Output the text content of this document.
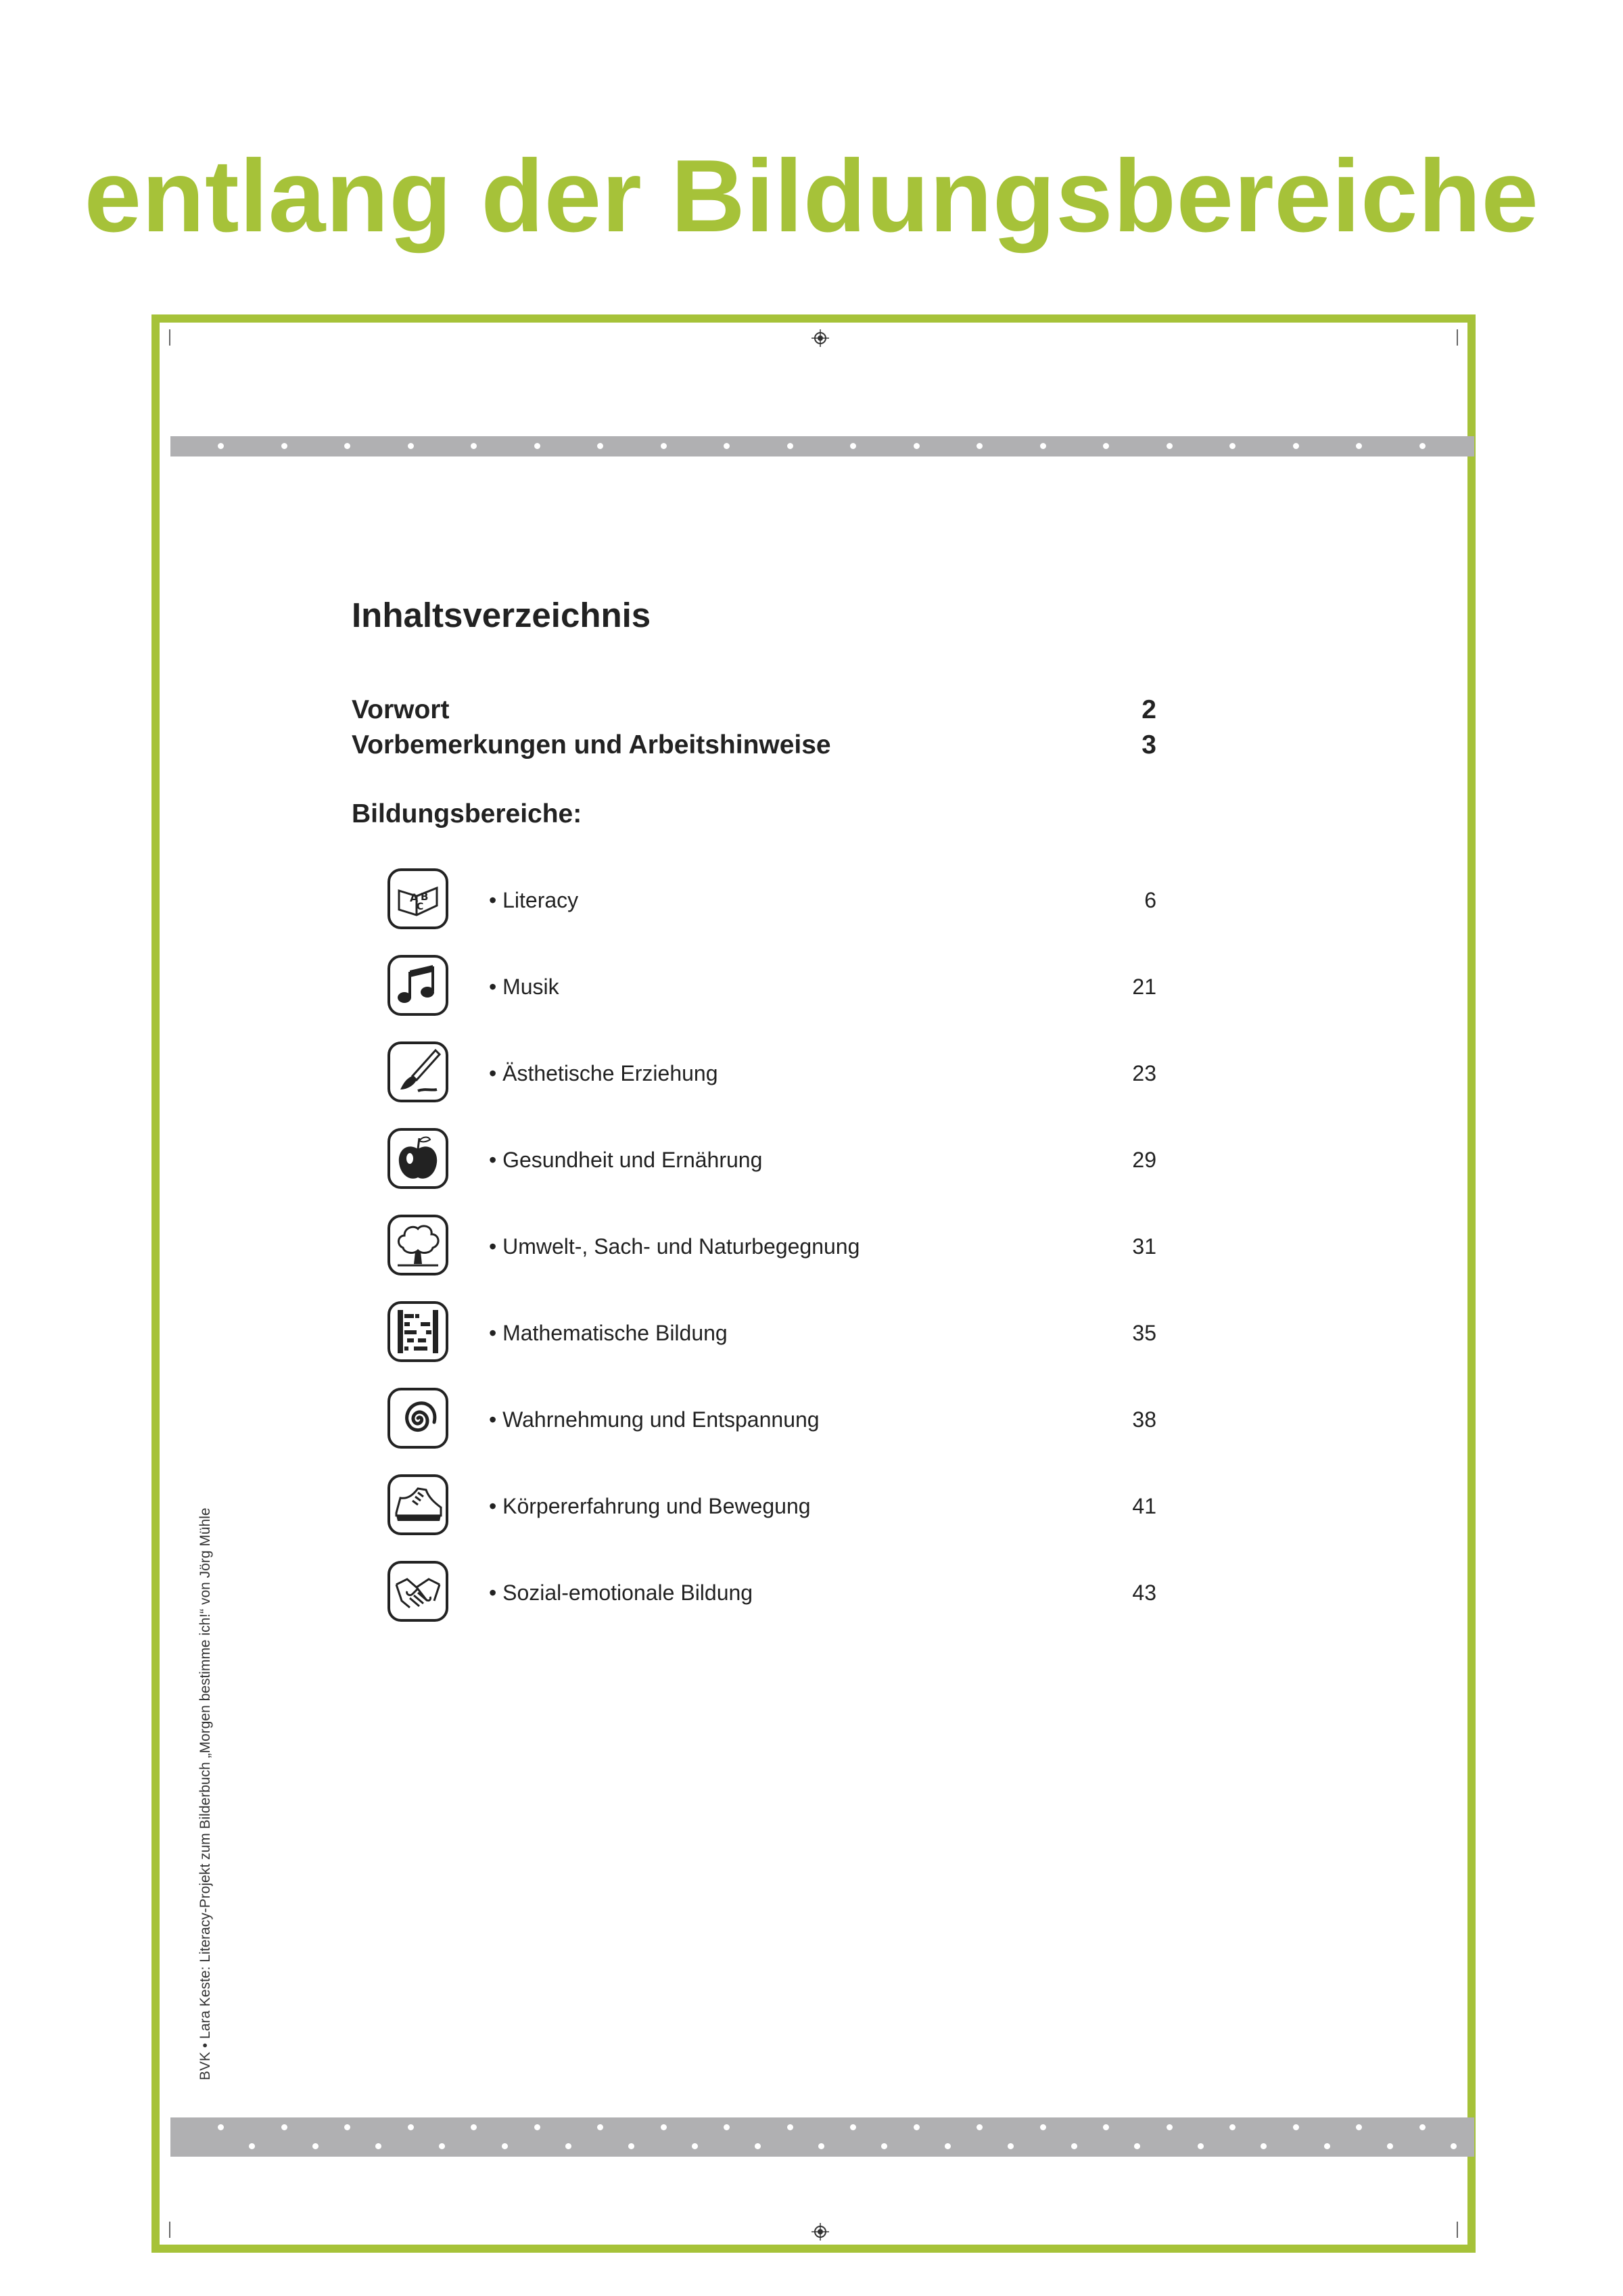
entlang der Bildungsbereiche
BVK • Lara Keste: Literacy-Projekt zum Bilderbuch „Morgen bestimme ich!“ von Jörg Mühle
Inhaltsverzeichnis
Vorwort	2
Vorbemerkungen und Arbeitshinweise	3
Bildungsbereiche:
A B
C	• Literacy	6
• Musik	21
• Ästhetische Erziehung	23
• Gesundheit und Ernährung	29
• Umwelt-, Sach- und Naturbegegnung	31
• Mathematische Bildung	35
• Wahrnehmung und Entspannung	38
• Körpererfahrung und Bewegung	41
• Sozial-emotionale Bildung	43
